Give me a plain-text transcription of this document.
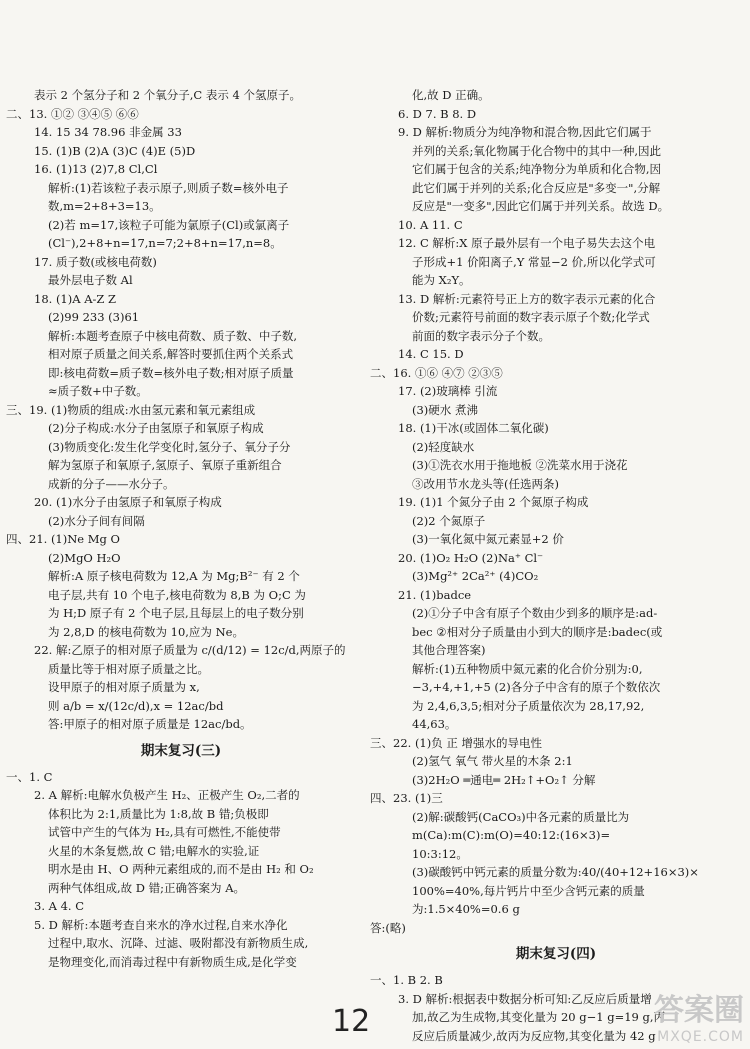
表示 2 个氢分子和 2 个氧分子,C 表示 4 个氢原子。
二、13. ①② ③④⑤ ⑥⑥
14. 15 34 78.96 非金属 33
15. (1)B (2)A (3)C (4)E (5)D
16. (1)13 (2)7,8 Cl,Cl
解析:(1)若该粒子表示原子,则质子数=核外电子
数,m=2+8+3=13。
(2)若 m=17,该粒子可能为氯原子(Cl)或氯离子
(Cl⁻),2+8+n=17,n=7;2+8+n=17,n=8。
17. 质子数(或核电荷数)
最外层电子数 Al
18. (1)A A-Z Z
(2)99 233 (3)61
解析:本题考查原子中核电荷数、质子数、中子数,
相对原子质量之间关系,解答时要抓住两个关系式
即:核电荷数=质子数=核外电子数;相对原子质量
≈质子数+中子数。
三、19. (1)物质的组成:水由氢元素和氧元素组成
(2)分子构成:水分子由氢原子和氧原子构成
(3)物质变化:发生化学变化时,氢分子、氧分子分
解为氢原子和氧原子,氢原子、氧原子重新组合
成新的分子——水分子。
20. (1)水分子由氢原子和氧原子构成
(2)水分子间有间隔
四、21. (1)Ne Mg O
(2)MgO H₂O
解析:A 原子核电荷数为 12,A 为 Mg;B²⁻ 有 2 个
电子层,共有 10 个电子,核电荷数为 8,B 为 O;C 为
为 H;D 原子有 2 个电子层,且每层上的电子数分别
为 2,8,D 的核电荷数为 10,应为 Ne。
22. 解:乙原子的相对原子质量为 c/(d/12) = 12c/d,两原子的
质量比等于相对原子质量之比。
设甲原子的相对原子质量为 x,
则 a/b = x/(12c/d),x = 12ac/bd
答:甲原子的相对原子质量是 12ac/bd。
期末复习(三)
一、1. C
2. A 解析:电解水负极产生 H₂、正极产生 O₂,二者的
体积比为 2:1,质量比为 1:8,故 B 错;负极即
试管中产生的气体为 H₂,具有可燃性,不能使带
火星的木条复燃,故 C 错;电解水的实验,证
明水是由 H、O 两种元素组成的,而不是由 H₂ 和 O₂
两种气体组成,故 D 错;正确答案为 A。
3. A 4. C
5. D 解析:本题考查自来水的净水过程,自来水净化
过程中,取水、沉降、过滤、吸附都没有新物质生成,
是物理变化,而消毒过程中有新物质生成,是化学变
化,故 D 正确。
6. D 7. B 8. D
9. D 解析:物质分为纯净物和混合物,因此它们属于
并列的关系;氧化物属于化合物中的其中一种,因此
它们属于包含的关系;纯净物分为单质和化合物,因
此它们属于并列的关系;化合反应是"多变一",分解
反应是"一变多",因此它们属于并列关系。故选 D。
10. A 11. C
12. C 解析:X 原子最外层有一个电子易失去这个电
子形成+1 价阳离子,Y 常显−2 价,所以化学式可
能为 X₂Y。
13. D 解析:元素符号正上方的数字表示元素的化合
价数;元素符号前面的数字表示原子个数;化学式
前面的数字表示分子个数。
14. C 15. D
二、16. ①⑥ ④⑦ ②③⑤
17. (2)玻璃棒 引流
(3)硬水 煮沸
18. (1)干冰(或固体二氧化碳)
(2)轻度缺水
(3)①洗衣水用于拖地板 ②洗菜水用于浇花
③改用节水龙头等(任选两条)
19. (1)1 个氮分子由 2 个氮原子构成
(2)2 个氮原子
(3)一氧化氮中氮元素显+2 价
20. (1)O₂ H₂O (2)Na⁺ Cl⁻
(3)Mg²⁺ 2Ca²⁺ (4)CO₂
21. (1)badce
(2)①分子中含有原子个数由少到多的顺序是:ad-
bec ②相对分子质量由小到大的顺序是:badec(或
其他合理答案)
解析:(1)五种物质中氮元素的化合价分别为:0,
−3,+4,+1,+5 (2)各分子中含有的原子个数依次
为 2,4,6,3,5;相对分子质量依次为 28,17,92,
44,63。
三、22. (1)负 正 增强水的导电性
(2)氢气 氧气 带火星的木条 2:1
(3)2H₂O ═通电═ 2H₂↑+O₂↑ 分解
四、23. (1)三
(2)解:碳酸钙(CaCO₃)中各元素的质量比为
m(Ca):m(C):m(O)=40:12:(16×3)=
10:3:12。
(3)碳酸钙中钙元素的质量分数为:40/(40+12+16×3)×
100%=40%,每片钙片中至少含钙元素的质量
为:1.5×40%=0.6 g
答:(略)
期末复习(四)
一、1. B 2. B
3. D 解析:根据表中数据分析可知:乙反应后质量增
加,故乙为生成物,其变化量为 20 g−1 g=19 g,丙
反应后质量减少,故丙为反应物,其变化量为 42 g
12	答案圈
MXQE.COM
